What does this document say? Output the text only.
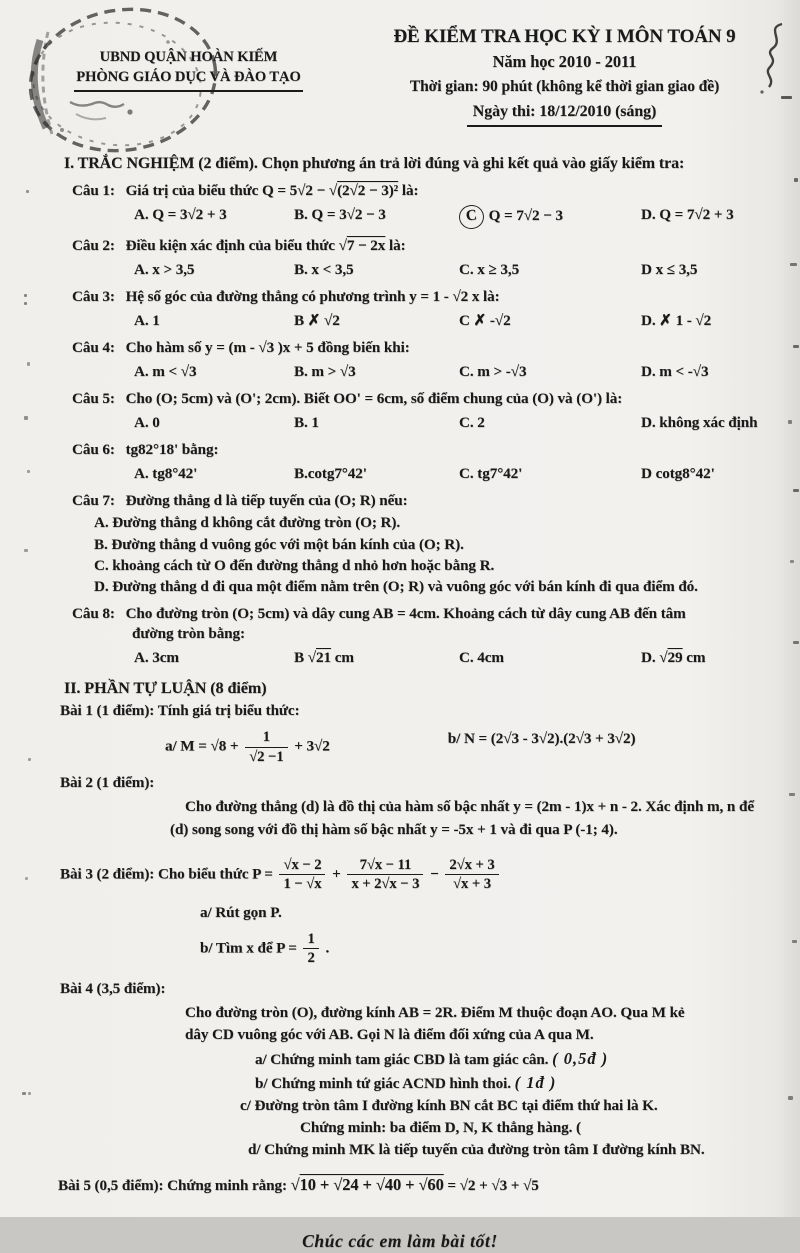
UBND QUẬN HOÀN KIẾM
PHÒNG GIÁO DỤC VÀ ĐÀO TẠO
ĐỀ KIỂM TRA HỌC KỲ I MÔN TOÁN 9
Năm học 2010 - 2011
Thời gian: 90 phút (không kể thời gian giao đề)
Ngày thi: 18/12/2010 (sáng)
I. TRẮC NGHIỆM (2 điểm). Chọn phương án trả lời đúng và ghi kết quả vào giấy kiểm tra:
Câu 1: Giá trị của biểu thức Q = 5√2 − √(2√2 − 3)² là:
A. Q = 3√2 + 3	B. Q = 3√2 − 3	C Q = 7√2 − 3	D. Q = 7√2 + 3
Câu 2: Điều kiện xác định của biểu thức √7 − 2x là:
A. x > 3,5	B. x < 3,5	C. x ≥ 3,5	D x ≤ 3,5
Câu 3: Hệ số góc của đường thẳng có phương trình y = 1 - √2 x là:
A. 1	B ✗ √2	C ✗ -√2	D. ✗ 1 - √2
Câu 4: Cho hàm số y = (m - √3 )x + 5 đồng biến khi:
A. m < √3	B. m > √3	C. m > -√3	D. m < -√3
Câu 5: Cho (O; 5cm) và (O'; 2cm). Biết OO' = 6cm, số điểm chung của (O) và (O') là:
A. 0	B. 1	C. 2	D. không xác định
Câu 6: tg82°18' bằng:
A. tg8°42'	B.cotg7°42'	C. tg7°42'	D cotg8°42'
Câu 7: Đường thẳng d là tiếp tuyến của (O; R) nếu:
A. Đường thẳng d không cắt đường tròn (O; R).
B. Đường thẳng d vuông góc với một bán kính của (O; R).
C. khoảng cách từ O đến đường thẳng d nhỏ hơn hoặc bằng R.
D. Đường thẳng d đi qua một điểm nằm trên (O; R) và vuông góc với bán kính đi qua điểm đó.
Câu 8: Cho đường tròn (O; 5cm) và dây cung AB = 4cm. Khoảng cách từ dây cung AB đến tâm
đường tròn bằng:
A. 3cm	B √21 cm	C. 4cm	D. √29 cm
II. PHẦN TỰ LUẬN (8 điểm)
Bài 1 (1 điểm): Tính giá trị biểu thức:
a/ $M = √8 + \frac{1}{√2 -1} + 3√2$	b/ N = (2√3 - 3√2).(2√3 + 3√2)
Bài 2 (1 điểm):
Cho đường thẳng (d) là đồ thị của hàm số bậc nhất y = (2m - 1)x + n - 2. Xác định m, n để
(d) song song với đồ thị hàm số bậc nhất y = -5x + 1 và đi qua P (-1; 4).
Bài 3 (2 điểm): Cho biểu thức $P = \frac{√x - 2}{1 - √x} + \frac{7√x - 11}{x + 2√x - 3} - \frac{2√x + 3}{√x + 3}$
a/ Rút gọn P.
b/ Tìm x để $P = \frac{1}{2}$ .
Bài 4 (3,5 điểm):
Cho đường tròn (O), đường kính AB = 2R. Điểm M thuộc đoạn AO. Qua M kẻ
dây CD vuông góc với AB. Gọi N là điểm đối xứng của A qua M.
a/ Chứng minh tam giác CBD là tam giác cân. ( 0,5đ )
b/ Chứng minh tứ giác ACND hình thoi. ( 1đ )
c/ Đường tròn tâm I đường kính BN cắt BC tại điểm thứ hai là K.
Chứng minh: ba điểm D, N, K thẳng hàng. (
d/ Chứng minh MK là tiếp tuyến của đường tròn tâm I đường kính BN.
Bài 5 (0,5 điểm): Chứng minh rằng: √10 + √24 + √40 + √60 = √2 + √3 + √5
Chúc các em làm bài tốt!
